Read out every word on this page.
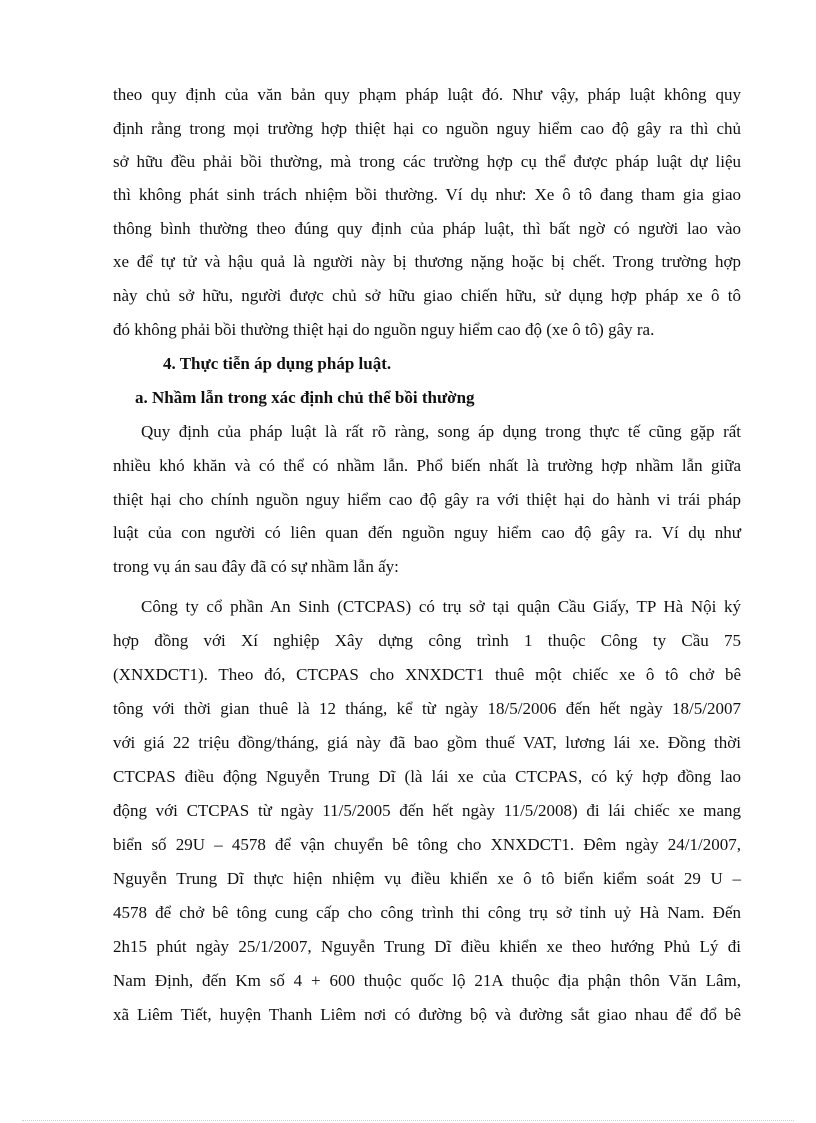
theo quy định của văn bản quy phạm pháp luật đó. Như vậy, pháp luật không quy
định rằng trong mọi trường hợp thiệt hại co nguồn nguy hiểm cao độ gây ra thì chủ
sở hữu đều phải bồi thường, mà trong các trường hợp cụ thể được pháp luật dự liệu
thì không phát sinh trách nhiệm bồi thường. Ví dụ như: Xe ô tô đang tham gia giao
thông bình thường theo đúng quy định của pháp luật, thì bất ngờ có người lao vào
xe để tự tử và hậu quả là người này bị thương nặng hoặc bị chết. Trong trường hợp
này chủ sở hữu, người được chủ sở hữu giao chiến hữu, sử dụng hợp pháp xe ô tô
đó không phải bồi thường thiệt hại do nguồn nguy hiểm cao độ (xe ô tô) gây ra.
4. Thực tiễn áp dụng pháp luật.
a. Nhầm lẫn trong xác định chủ thể bồi thường
Quy định của pháp luật là rất rõ ràng, song áp dụng trong thực tế cũng gặp rất
nhiều khó khăn và có thể có nhầm lẫn. Phổ biến nhất là trường hợp nhầm lẫn giữa
thiệt hại cho chính nguồn nguy hiểm cao độ gây ra với thiệt hại do hành vi trái pháp
luật của con người có liên quan đến nguồn nguy hiểm cao độ gây ra. Ví dụ như
trong vụ án sau đây đã có sự nhầm lẫn ấy:
Công ty cổ phần An Sinh (CTCPAS) có trụ sở tại quận Cầu Giấy, TP Hà Nội ký
hợp đồng với Xí nghiệp Xây dựng công trình 1 thuộc Công ty Cầu 75
(XNXDCT1). Theo đó, CTCPAS cho XNXDCT1 thuê một chiếc xe ô tô chở bê
tông với thời gian thuê là 12 tháng, kể từ ngày 18/5/2006 đến hết ngày 18/5/2007
với giá 22 triệu đồng/tháng, giá này đã bao gồm thuế VAT, lương lái xe. Đồng thời
CTCPAS điều động Nguyễn Trung Dĩ (là lái xe của CTCPAS, có ký hợp đồng lao
động với CTCPAS từ ngày 11/5/2005 đến hết ngày 11/5/2008) đi lái chiếc xe mang
biển số 29U – 4578 để vận chuyển bê tông cho XNXDCT1. Đêm ngày 24/1/2007,
Nguyễn Trung Dĩ thực hiện nhiệm vụ điều khiển xe ô tô biển kiểm soát 29 U –
4578 để chở bê tông cung cấp cho công trình thi công trụ sở tỉnh uỷ Hà Nam. Đến
2h15 phút ngày 25/1/2007, Nguyễn Trung Dĩ điều khiển xe theo hướng Phủ Lý đi
Nam Định, đến Km số 4 + 600 thuộc quốc lộ 21A thuộc địa phận thôn Văn Lâm,
xã Liêm Tiết, huyện Thanh Liêm nơi có đường bộ và đường sắt giao nhau để đổ bê
